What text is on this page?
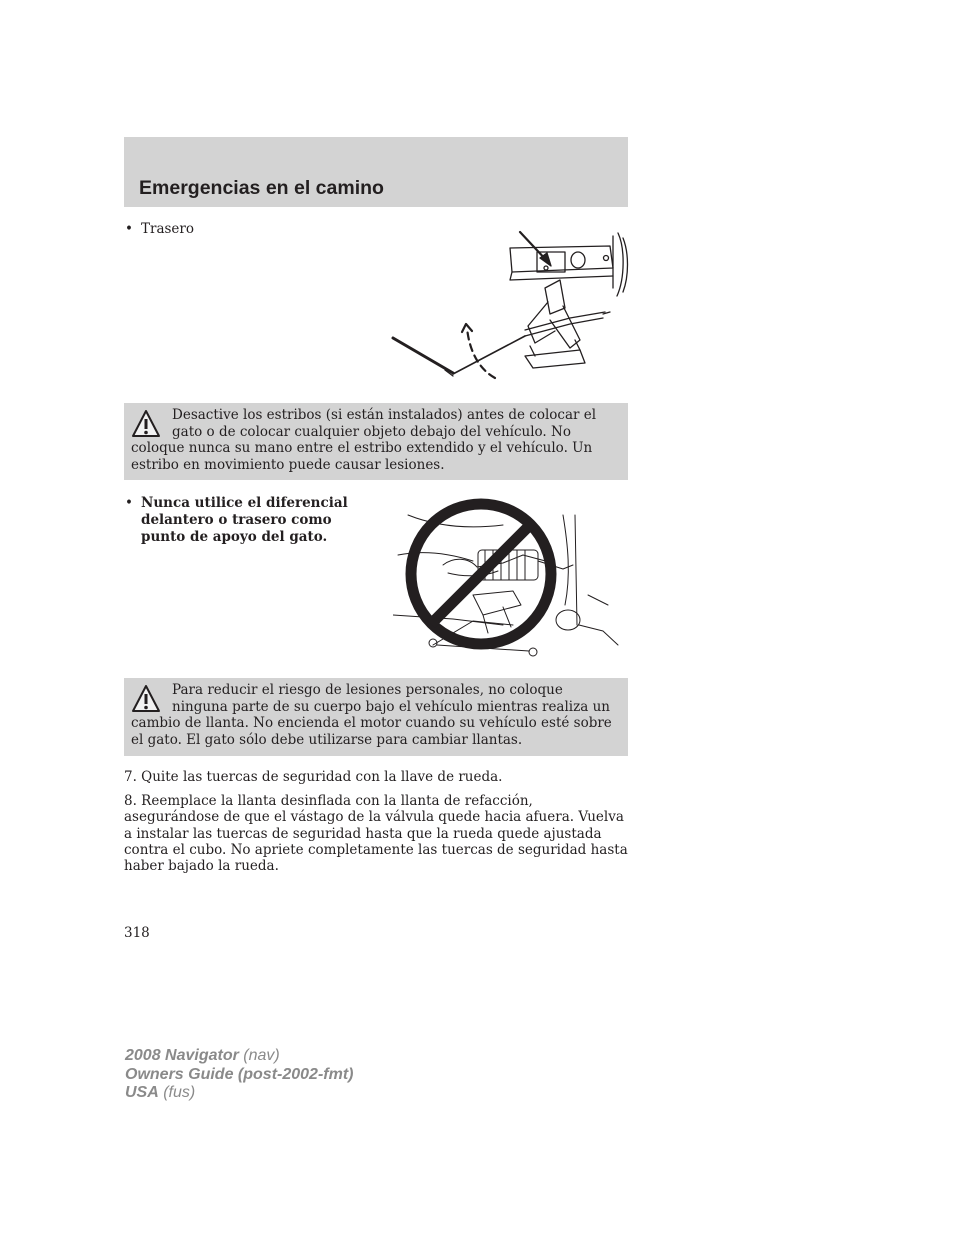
Emergencias en el camino
• Trasero

Desactive los estribos (si están instalados) antes de colocar el gato o de colocar cualquier objeto debajo del vehículo. No coloque nunca su mano entre el estribo extendido y el vehículo. Un estribo en movimiento puede causar lesiones.

• Nunca utilice el diferencial delantero o trasero como punto de apoyo del gato.

Para reducir el riesgo de lesiones personales, no coloque ninguna parte de su cuerpo bajo el vehículo mientras realiza un cambio de llanta. No encienda el motor cuando su vehículo esté sobre el gato. El gato sólo debe utilizarse para cambiar llantas.

7. Quite las tuercas de seguridad con la llave de rueda.

8. Reemplace la llanta desinflada con la llanta de refacción, asegurándose de que el vástago de la válvula quede hacia afuera. Vuelva a instalar las tuercas de seguridad hasta que la rueda quede ajustada contra el cubo. No apriete completamente las tuercas de seguridad hasta haber bajado la rueda.

318
2008 Navigator (nav)
Owners Guide (post-2002-fmt)
USA (fus)
